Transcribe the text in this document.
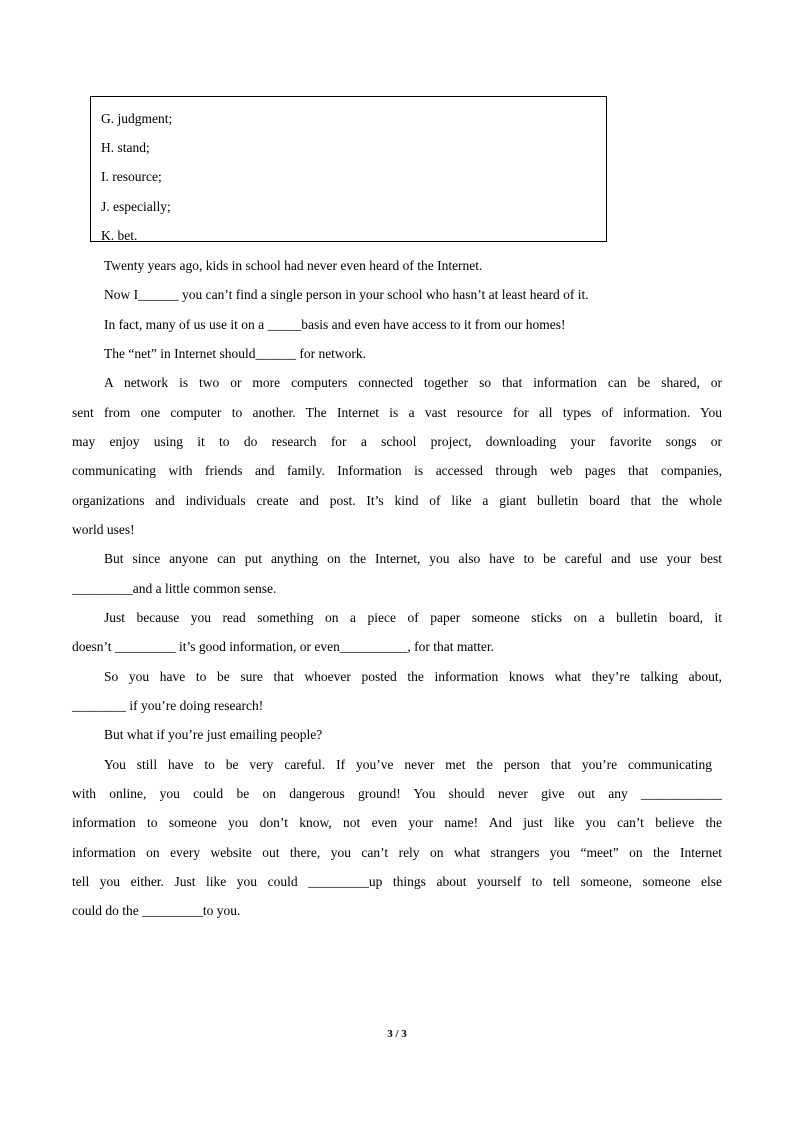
G. judgment;
H. stand;
I. resource;
J. especially;
K. bet.
Twenty years ago, kids in school had never even heard of the Internet.
Now I______ you can’t find a single person in your school who hasn’t at least heard of it.
In fact, many of us use it on a _____basis and even have access to it from our homes!
The “net” in Internet should______ for network.
A network is two or more computers connected together so that information can be shared, or
sent from one computer to another. The Internet is a vast resource for all types of information. You
may enjoy using it to do research for a school project, downloading your favorite songs or
communicating with friends and family. Information is accessed through web pages that companies,
organizations and individuals create and post. It’s kind of like a giant bulletin board that the whole
world uses!
But since anyone can put anything on the Internet, you also have to be careful and use your best
_________and a little common sense.
Just because you read something on a piece of paper someone sticks on a bulletin board, it
doesn’t _________ it’s good information, or even__________, for that matter.
So you have to be sure that whoever posted the information knows what they’re talking about,
________ if you’re doing research!
But what if you’re just emailing people?
You still have to be very careful. If you’ve never met the person that you’re communicating
with online, you could be on dangerous ground! You should never give out any ____________
information to someone you don’t know, not even your name! And just like you can’t believe the
information on every website out there, you can’t rely on what strangers you “meet” on the Internet
tell you either. Just like you could _________up things about yourself to tell someone, someone else
could do the _________to you.
3 / 3
